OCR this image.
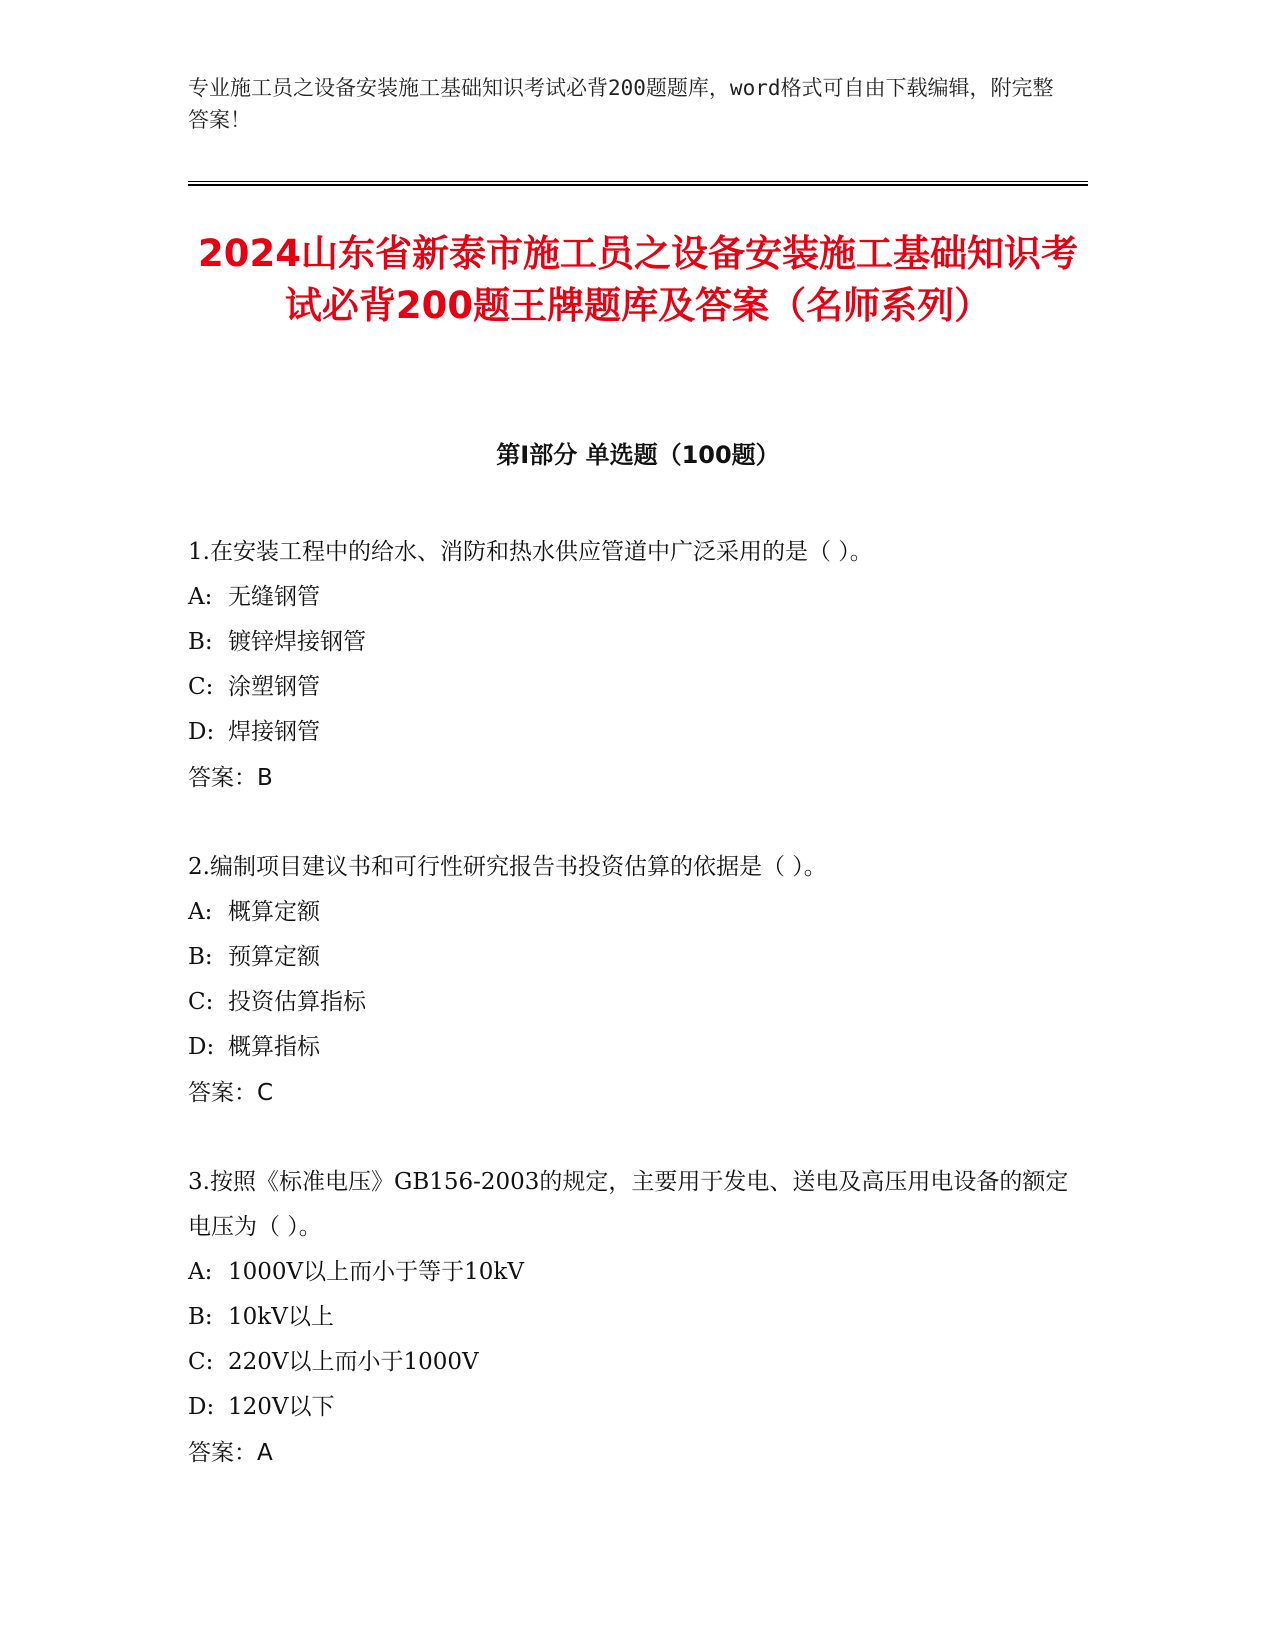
专业施工员之设备安装施工基础知识考试必背200题题库，word格式可自由下载编辑，附完整答案！

2024山东省新泰市施工员之设备安装施工基础知识考试必背200题王牌题库及答案（名师系列）
第Ⅰ部分 单选题（100题）

1.在安装工程中的给水、消防和热水供应管道中广泛采用的是（ ）。

A: 无缝钢管

B: 镀锌焊接钢管

C: 涂塑钢管

D: 焊接钢管

答案：B

2.编制项目建议书和可行性研究报告书投资估算的依据是（ ）。

A: 概算定额

B: 预算定额

C: 投资估算指标

D: 概算指标

答案：C

3.按照《标准电压》GB156-2003的规定，主要用于发电、送电及高压用电设备的额定电压为（ ）。

A: 1000V以上而小于等于10kV

B: 10kV以上

C: 220V以上而小于1000V

D: 120V以下

答案：A
